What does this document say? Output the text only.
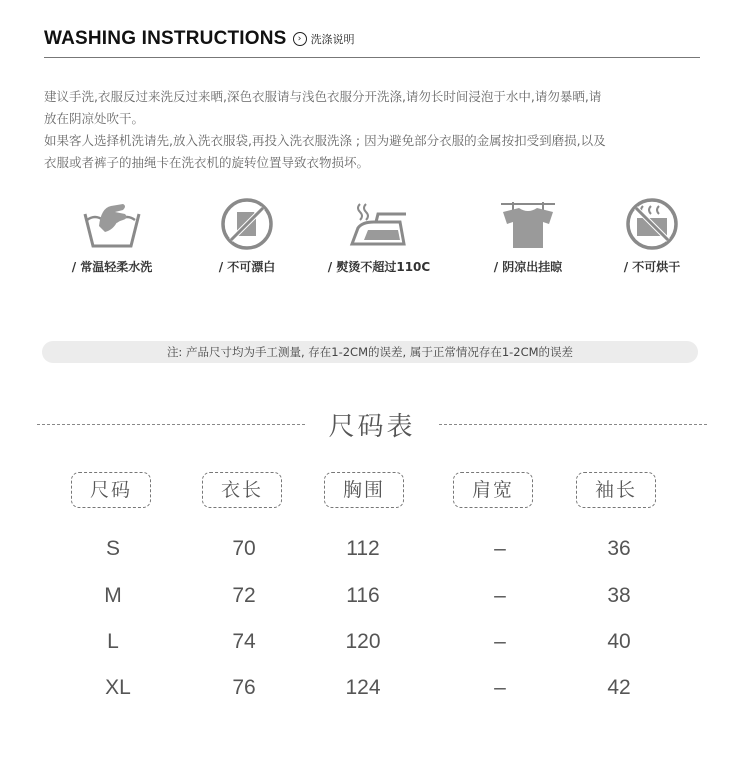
WASHING INSTRUCTIONS	› 洗涤说明

建议手洗,衣服反过来洗反过来晒,深色衣服请与浅色衣服分开洗涤,请勿长时间浸泡于水中,请勿暴晒,请

放在阴凉处吹干。

如果客人选择机洗请先,放入洗衣服袋,再投入洗衣服洗涤 ; 因为避免部分衣服的金属按扣受到磨损,以及

衣服或者裤子的抽绳卡在洗衣机的旋转位置导致衣物损坏。

/ 常温轻柔水洗	/ 不可漂白	/ 熨烫不超过110C	/ 阴凉出挂晾	/ 不可烘干
注: 产品尺寸均为手工测量, 存在1-2CM的误差, 属于正常情况存在1-2CM的误差
尺码表
尺码	衣长	胸围	肩宽	袖长
S	70	112	–	36
M	72	116	–	38
L	74	120	–	40
XL	76	124	–	42
